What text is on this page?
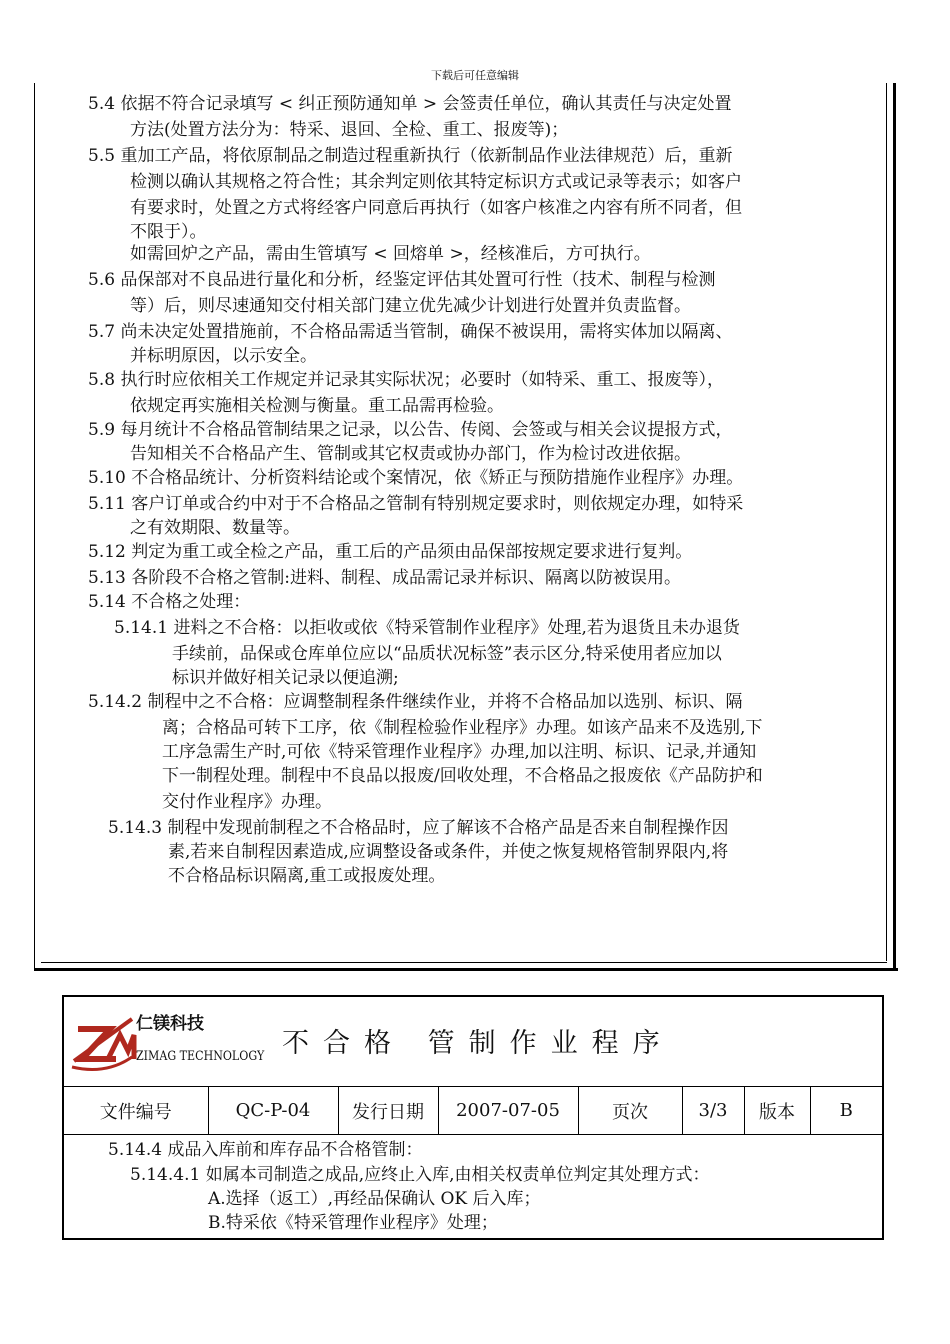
下载后可任意编辑
5.4 依据不符合记录填写 < 纠正预防通知单 > 会签责任单位，确认其责任与决定处置
方法(处置方法分为：特采、退回、全检、重工、报废等)；
5.5 重加工产品，将依原制品之制造过程重新执行（依新制品作业法律规范）后，重新
检测以确认其规格之符合性；其余判定则依其特定标识方式或记录等表示；如客户
有要求时，处置之方式将经客户同意后再执行（如客户核准之内容有所不同者，但
不限于）。
如需回炉之产品，需由生管填写 < 回熔单 >，经核准后，方可执行。
5.6 品保部对不良品进行量化和分析，经鉴定评估其处置可行性（技术、制程与检测
等）后，则尽速通知交付相关部门建立优先减少计划进行处置并负责监督。
5.7 尚未决定处置措施前，不合格品需适当管制，确保不被误用，需将实体加以隔离、
并标明原因，以示安全。
5.8 执行时应依相关工作规定并记录其实际状况；必要时（如特采、重工、报废等），
依规定再实施相关检测与衡量。重工品需再检验。
5.9 每月统计不合格品管制结果之记录，以公告、传阅、会签或与相关会议提报方式，
告知相关不合格品产生、管制或其它权责或协办部门，作为检讨改进依据。
5.10 不合格品统计、分析资料结论或个案情况，依《矫正与预防措施作业程序》办理。
5.11 客户订单或合约中对于不合格品之管制有特别规定要求时，则依规定办理，如特采
之有效期限、数量等。
5.12 判定为重工或全检之产品，重工后的产品须由品保部按规定要求进行复判。
5.13 各阶段不合格之管制:进料、制程、成品需记录并标识、隔离以防被误用。
5.14 不合格之处理：
5.14.1 进料之不合格：以拒收或依《特采管制作业程序》处理,若为退货且未办退货
手续前，品保或仓库单位应以“品质状况标签”表示区分,特采使用者应加以
标识并做好相关记录以便追溯;
5.14.2 制程中之不合格：应调整制程条件继续作业，并将不合格品加以选别、标识、隔
离；合格品可转下工序，依《制程检验作业程序》办理。如该产品来不及选别,下
工序急需生产时,可依《特采管理作业程序》办理,加以注明、标识、记录,并通知
下一制程处理。制程中不良品以报废/回收处理，不合格品之报废依《产品防护和
交付作业程序》办理。
5.14.3 制程中发现前制程之不合格品时，应了解该不合格产品是否来自制程操作因
素,若来自制程因素造成,应调整设备或条件，并使之恢复规格管制界限内,将
不合格品标识隔离,重工或报废处理。
仁镁科技
ZIMAG TECHNOLOGY 不合格 管制作业程序
文件编号	QC-P-04	发行日期	2007-07-05	页次	3/3	版本	B
5.14.4 成品入库前和库存品不合格管制：
5.14.4.1 如属本司制造之成品,应终止入库,由相关权责单位判定其处理方式：
A.选择（返工）,再经品保确认 OK 后入库；
B.特采依《特采管理作业程序》处理；
